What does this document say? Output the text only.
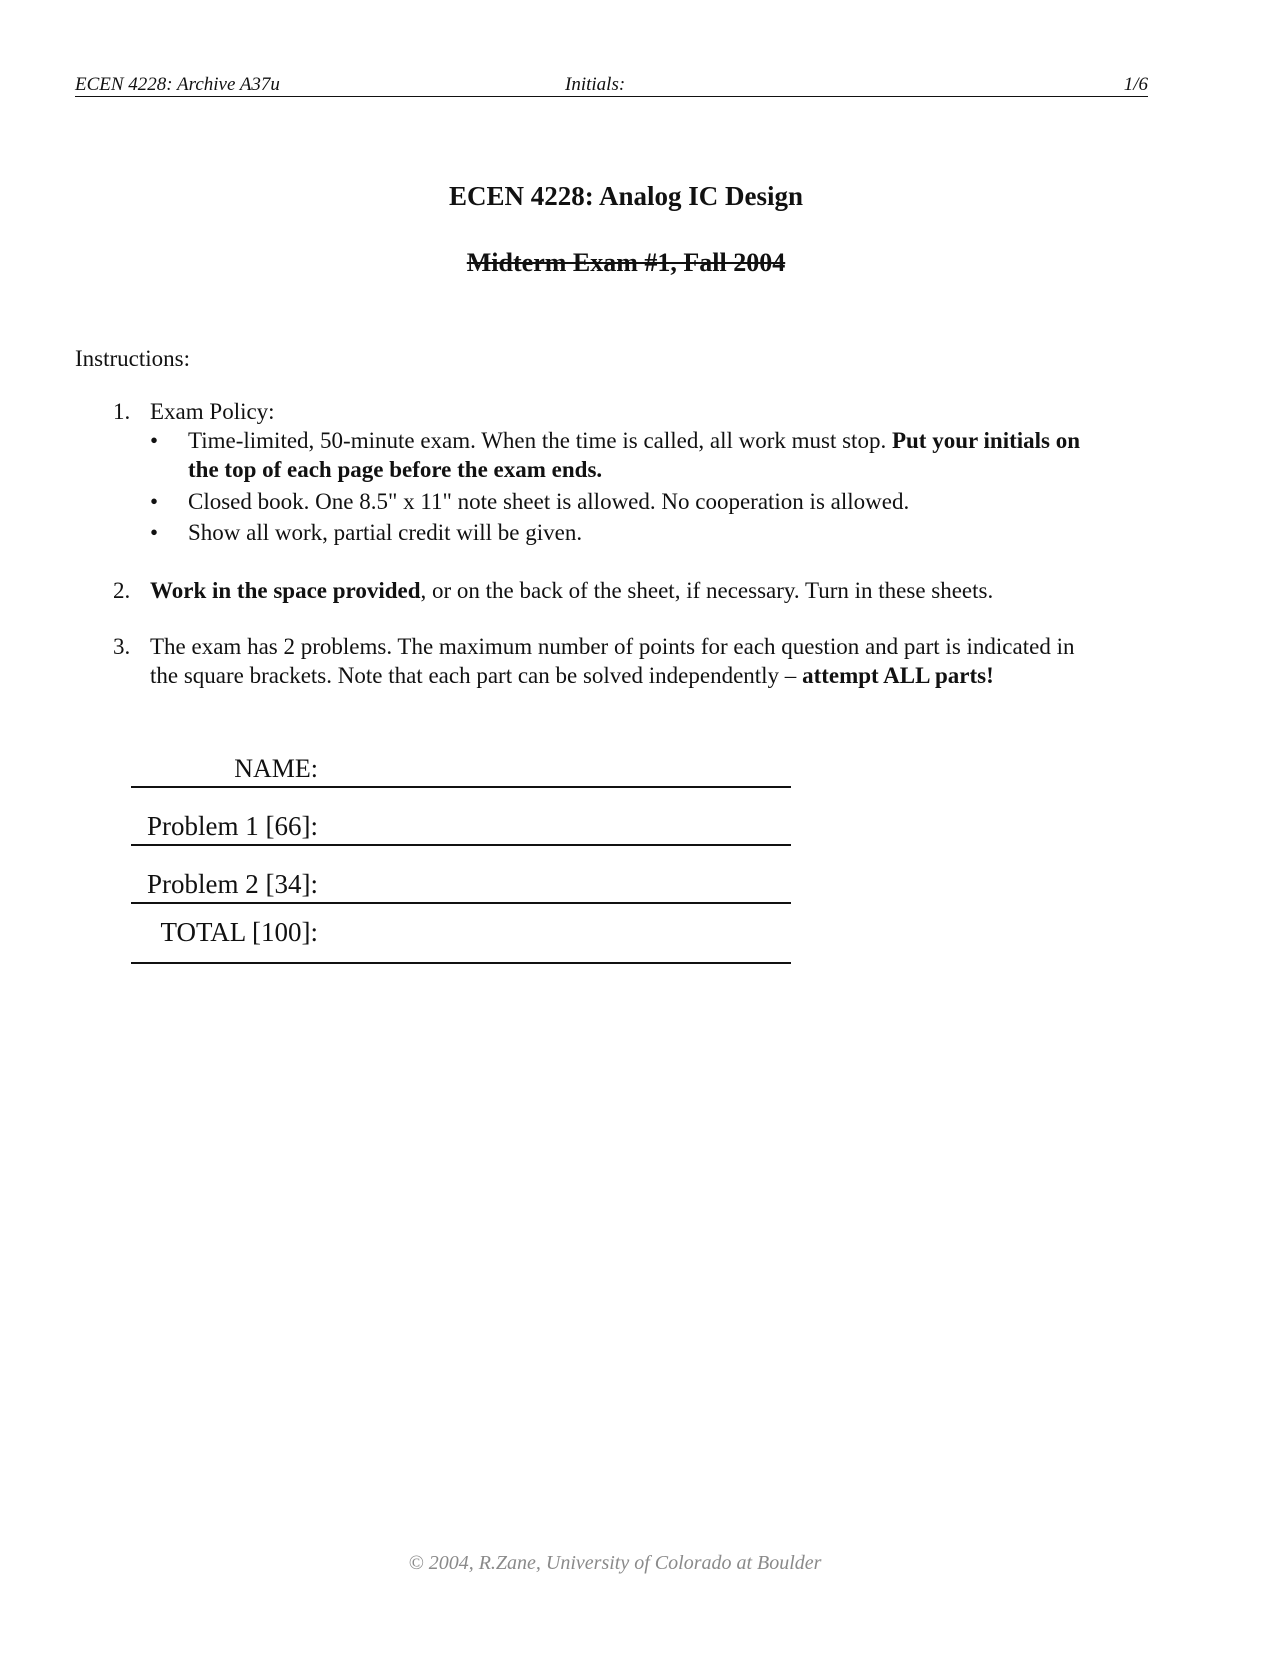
ECEN 4228: Archive A37u	Initials:	1/6
ECEN 4228: Analog IC Design
Midterm Exam #1, Fall 2004
Instructions:
1. Exam Policy:
• Time-limited, 50-minute exam. When the time is called, all work must stop. Put your initials on
the top of each page before the exam ends.
• Closed book. One 8.5" x 11" note sheet is allowed. No cooperation is allowed.
• Show all work, partial credit will be given.
2. Work in the space provided, or on the back of the sheet, if necessary. Turn in these sheets.
3. The exam has 2 problems. The maximum number of points for each question and part is indicated in
the square brackets. Note that each part can be solved independently – attempt ALL parts!
NAME:
Problem 1 [66]:
Problem 2 [34]:
TOTAL [100]:
© 2004, R.Zane, University of Colorado at Boulder
